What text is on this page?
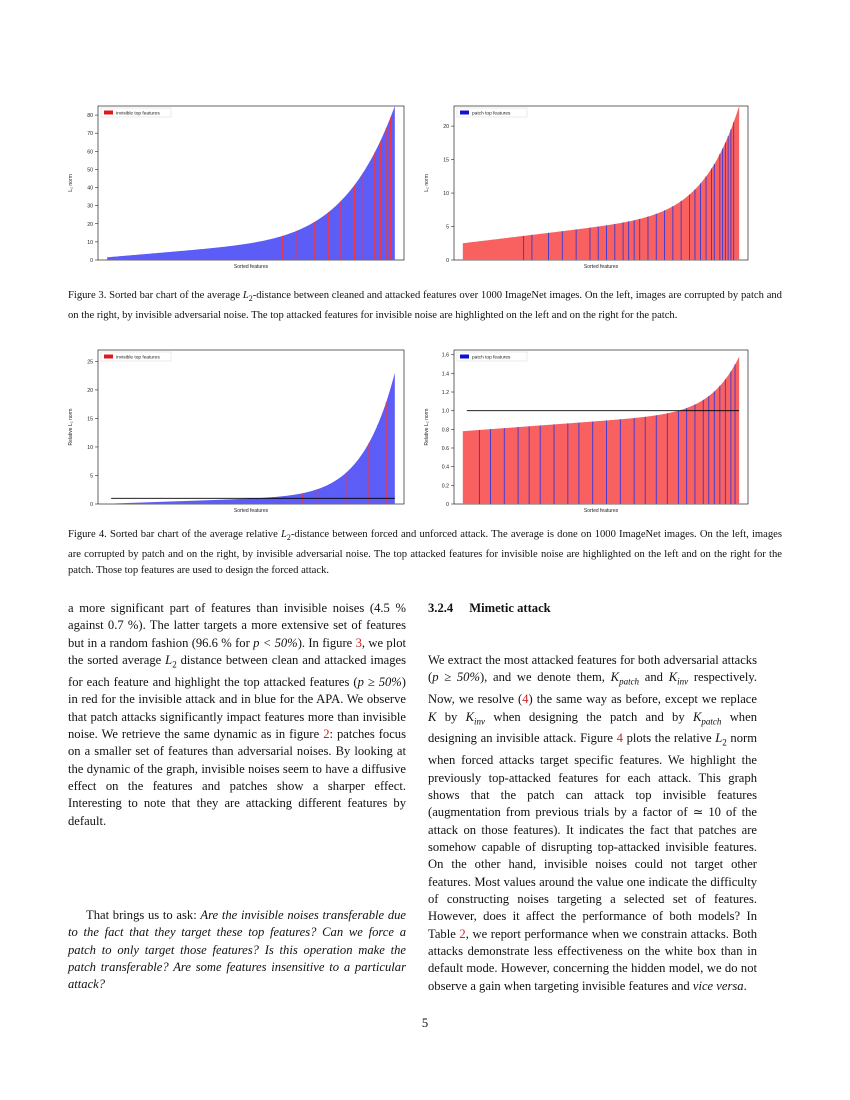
0
10
20
30
40
50
60
70
80
L₂ norm
Sorted features
invisible top features
0
5
10
15
20
L₂ norm
Sorted features
patch top features
Figure 3. Sorted bar chart of the average $L_2$-distance between cleaned and attacked features over 1000 ImageNet images. On the left, images are corrupted by patch and on the right, by invisible adversarial noise. The top attacked features for invisible noise are highlighted on the left and on the right for the patch.
0
5
10
15
20
25
Relative L₂ norm
Sorted features
invisible top features
0
0.2
0.4
0.6
0.8
1.0
1.2
1.4
1.6
Relative L₂ norm
Sorted features
patch top features
Figure 4. Sorted bar chart of the average relative $L_2$-distance between forced and unforced attack. The average is done on 1000 ImageNet images. On the left, images are corrupted by patch and on the right, by invisible adversarial noise. The top attacked features for invisible noise are highlighted on the left and on the right for the patch. Those top features are used to design the forced attack.

a more significant part of features than invisible noises (4.5 % against 0.7 %). The latter targets a more extensive set of features but in a random fashion (96.6 % for p < 50%). In figure 3, we plot the sorted average $L_2$ distance between clean and attacked images for each feature and highlight the top attacked features (p ≥ 50%) in red for the invisible attack and in blue for the APA. We observe that patch attacks significantly impact features more than invisible noise. We retrieve the same dynamic as in figure 2: patches focus on a smaller set of features than adversarial noises. By looking at the dynamic of the graph, invisible noises seem to have a diffusive effect on the features and patches show a sharper effect. Interesting to note that they are attacking different features by default.

That brings us to ask: Are the invisible noises transferable due to the fact that they target these top features? Can we force a patch to only target those features? Is this operation make the patch transferable? Are some features insensitive to a particular attack?

3.2.4 Mimetic attack

We extract the most attacked features for both adversarial attacks (p ≥ 50%), and we denote them, $K_{patch}$ and $K_{inv}$ respectively. Now, we resolve (4) the same way as before, except we replace K by $K_{inv}$ when designing the patch and by $K_{patch}$ when designing an invisible attack. Figure 4 plots the relative $L_2$ norm when forced attacks target specific features. We highlight the previously top-attacked features for each attack. This graph shows that the patch can attack top invisible features (augmentation from previous trials by a factor of ≃ 10 of the attack on those features). It indicates the fact that patches are somehow capable of disrupting top-attacked invisible features. On the other hand, invisible noises could not target other features. Most values around the value one indicate the difficulty of constructing noises targeting a selected set of features. However, does it affect the performance of both models? In Table 2, we report performance when we constrain attacks. Both attacks demonstrate less effectiveness on the white box than in default mode. However, concerning the hidden model, we do not observe a gain when targeting invisible features and vice versa.

5
